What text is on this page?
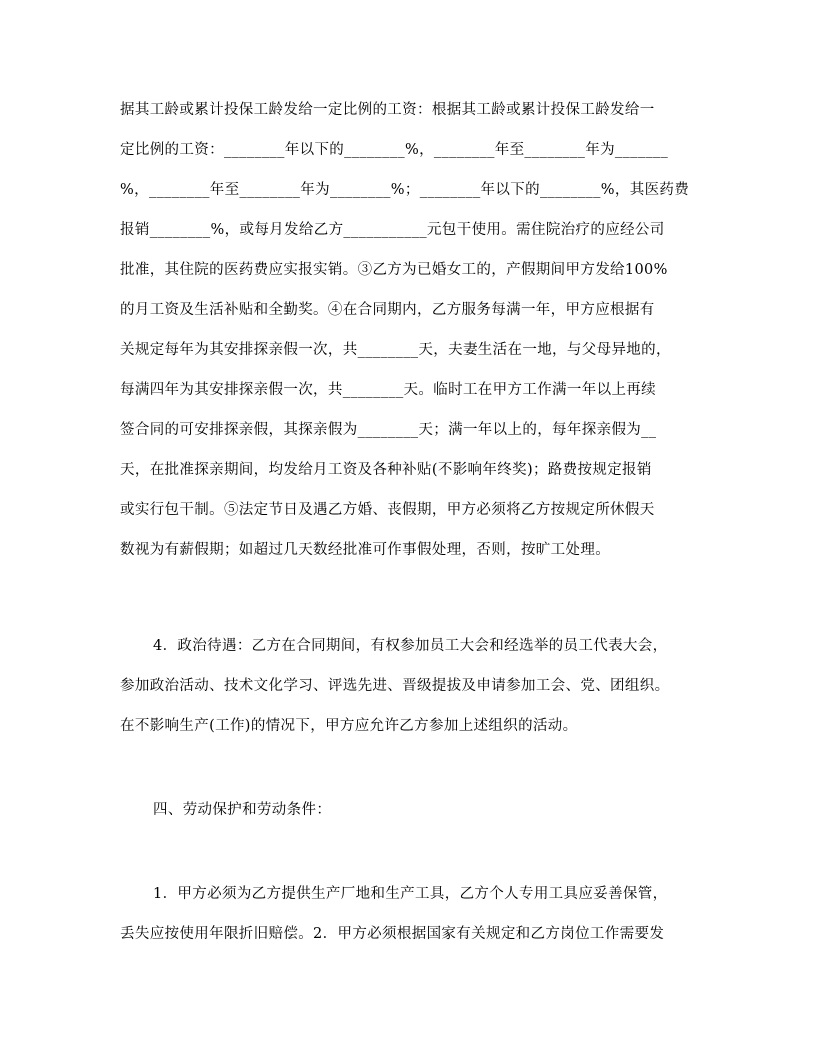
据其工龄或累计投保工龄发给一定比例的工资：根据其工龄或累计投保工龄发给一
定比例的工资：________年以下的________%，________年至________年为_______
%，________年至________年为________%；________年以下的________%，其医药费
报销________%，或每月发给乙方___________元包干使用。需住院治疗的应经公司
批准，其住院的医药费应实报实销。③乙方为已婚女工的，产假期间甲方发给100%
的月工资及生活补贴和全勤奖。④在合同期内，乙方服务每满一年，甲方应根据有
关规定每年为其安排探亲假一次，共________天，夫妻生活在一地，与父母异地的，
每满四年为其安排探亲假一次，共________天。临时工在甲方工作满一年以上再续
签合同的可安排探亲假，其探亲假为________天；满一年以上的，每年探亲假为__
天，在批准探亲期间，均发给月工资及各种补贴(不影响年终奖)；路费按规定报销
或实行包干制。⑤法定节日及遇乙方婚、丧假期，甲方必须将乙方按规定所休假天
数视为有薪假期；如超过几天数经批准可作事假处理，否则，按旷工处理。
4．政治待遇：乙方在合同期间，有权参加员工大会和经选举的员工代表大会，
参加政治活动、技术文化学习、评选先进、晋级提拔及申请参加工会、党、团组织。
在不影响生产(工作)的情况下，甲方应允许乙方参加上述组织的活动。
四、劳动保护和劳动条件：
1．甲方必须为乙方提供生产厂地和生产工具，乙方个人专用工具应妥善保管，
丢失应按使用年限折旧赔偿。2．甲方必须根据国家有关规定和乙方岗位工作需要发
